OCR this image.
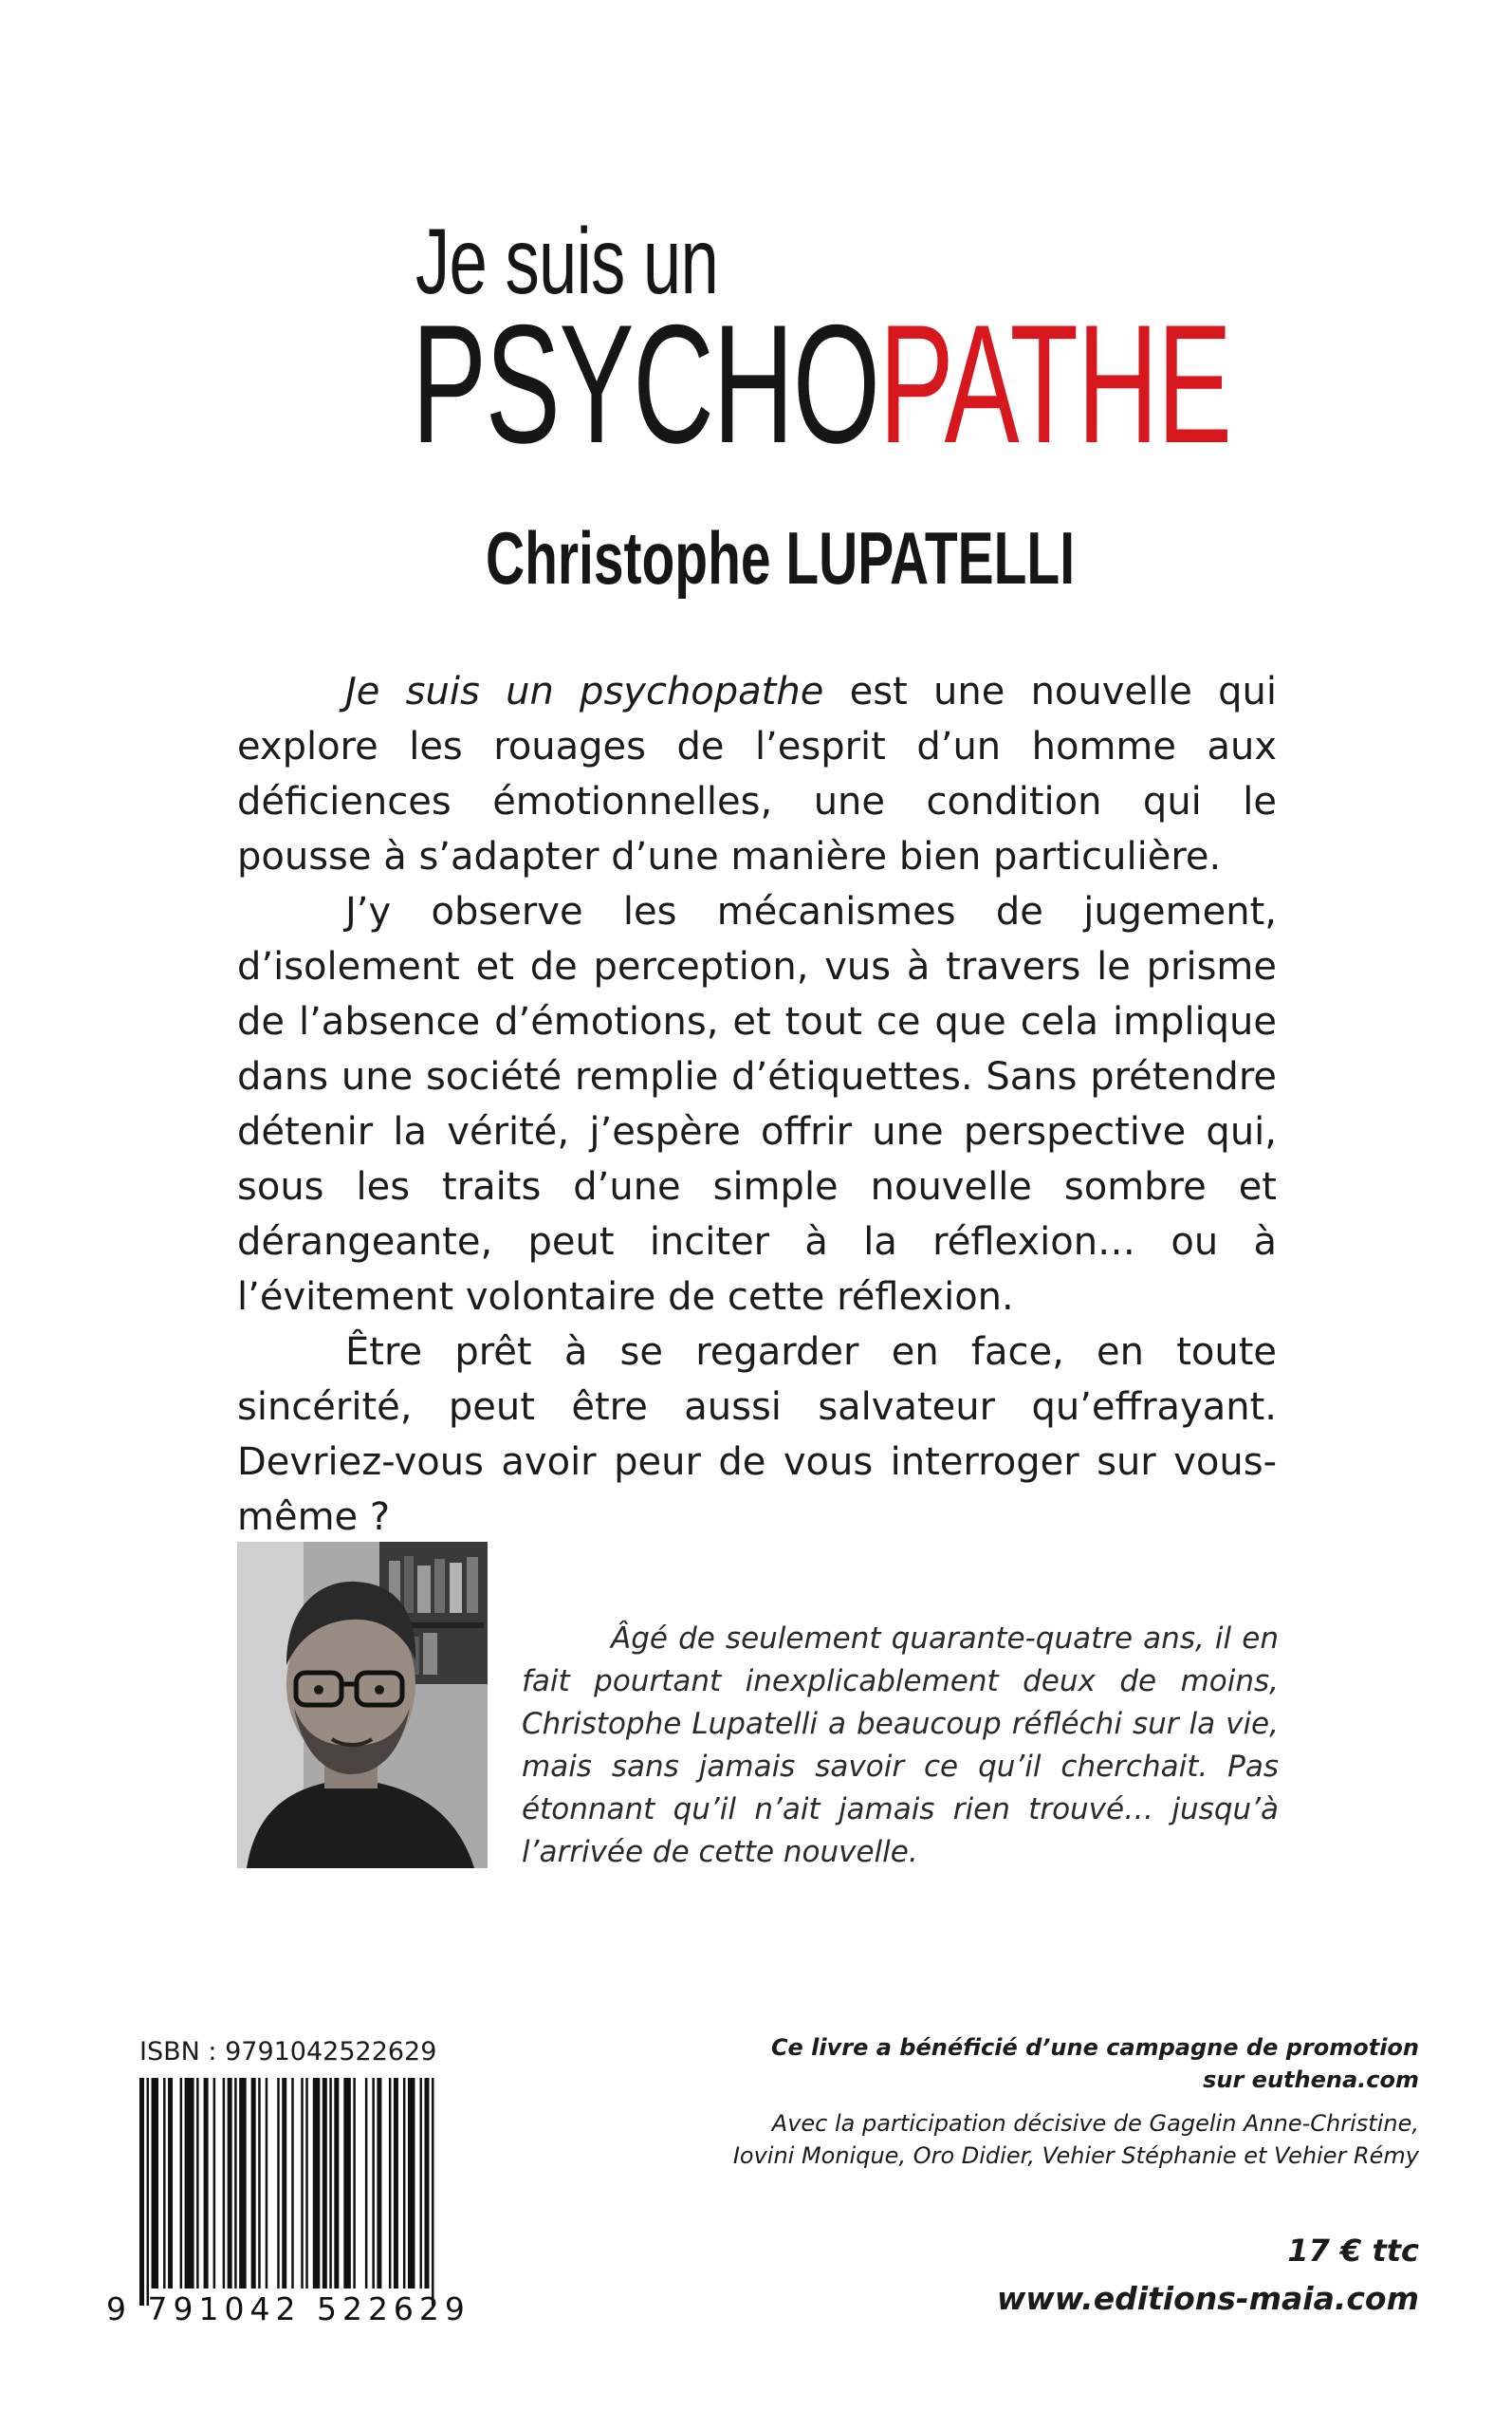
Je suis un
PSYCHOPATHE
Christophe LUPATELLI

Je suis un psychopathe est une nouvelle qui explore les rouages de l’esprit d’un homme aux déficiences émotionnelles, une condition qui le pousse à s’adapter d’une manière bien particulière.

J’y observe les mécanismes de jugement, d’isolement et de perception, vus à travers le prisme de l’absence d’émotions, et tout ce que cela implique dans une société remplie d’étiquettes. Sans prétendre détenir la vérité, j’espère offrir une perspective qui, sous les traits d’une simple nouvelle sombre et dérangeante, peut inciter à la réflexion… ou à l’évitement volontaire de cette réflexion.

Être prêt à se regarder en face, en toute sincérité, peut être aussi salvateur qu’effrayant. Devriez-vous avoir peur de vous interroger sur vous-même ?

Âgé de seulement quarante-quatre ans, il en fait pourtant inexplicablement deux de moins, Christophe Lupatelli a beaucoup réfléchi sur la vie, mais sans jamais savoir ce qu’il cherchait. Pas étonnant qu’il n’ait jamais rien trouvé… jusqu’à l’arrivée de cette nouvelle.
ISBN : 9791042522629
9 791042 522629
Ce livre a bénéficié d’une campagne de promotion
sur euthena.com
Avec la participation décisive de Gagelin Anne-Christine,
Iovini Monique, Oro Didier, Vehier Stéphanie et Vehier Rémy
17 € ttc
www.editions-maia.com
